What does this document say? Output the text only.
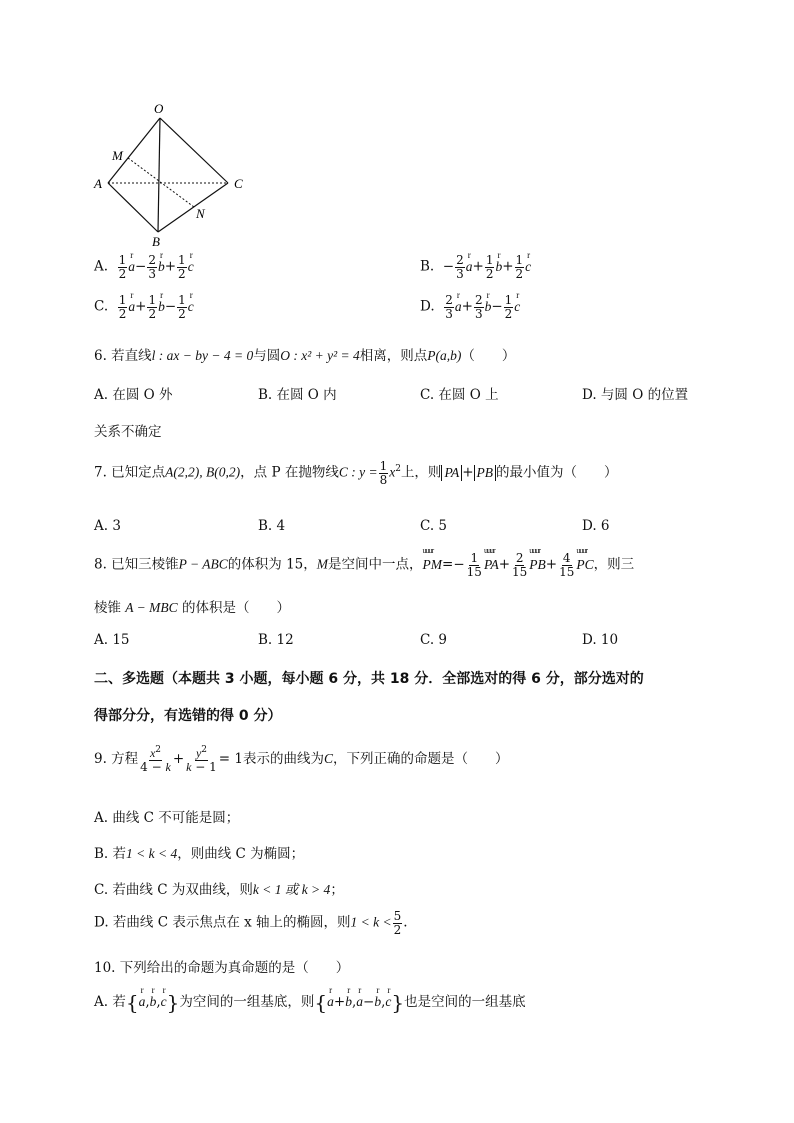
O
M
A	C
N
B
A. $\frac{1}{2}$ r $a- \frac{2}{3}$ r $b+ \frac{1}{2}$ r c	B.  − $\frac{2}{3}$ r $a+ \frac{1}{2}$ r $b+ \frac{1}{2}$ r c
C. $\frac{1}{2}$ r $a+ \frac{1}{2}$ r $b- \frac{1}{2}$ r c	D. $\frac{2}{3}$ r $a+ \frac{2}{3}$ r $b- \frac{1}{2}$ r c
6. 若直线l : ax − by − 4 = 0与圆O : x² + y² = 4相离，则点P(a,b)（　　）
A. 在圆 O 外	B. 在圆 O 内	C. 在圆 O 上	D. 与圆 O 的位置
关系不确定
7. 已知定点A(2,2), B(0,2)，点 P 在抛物线C : $y = \frac{1}{8} x^2$上，则 PA + PB 的最小值为（　　）
A. 3	B. 4	C. 5	D. 6
8. 已知三棱锥P − ABC的体积为 15，M是空间中一点，uuur $PM=- \frac{1}{15}$ uuur $PA+ \frac{2}{15}$ uuur $PB+ \frac{4}{15}$ uuur PC，则三
棱锥 A − MBC 的体积是（　　）
A. 15	B. 12	C. 9	D. 10
二、多选题（本题共 3 小题，每小题 6 分，共 18 分．全部选对的得 6 分，部分选对的
得部分分，有选错的得 0 分）
9. 方程 $\frac{x^2}{4 - k} + \frac{y^2}{k - 1} = 1$表示的曲线为C，下列正确的命题是（　　）
A. 曲线 C 不可能是圆；
B. 若1 < k < 4，则曲线 C 为椭圆；
C. 若曲线 C 为双曲线，则k < 1 或 k > 4；
D. 若曲线 C 表示焦点在 x 轴上的椭圆，则$1 < k < \frac{5}{2}$ .
10. 下列给出的命题为真命题的是（　　）
A. 若{r a,r b,r c}为空间的一组基底，则{r a+r b,r a−r b,r c}也是空间的一组基底
